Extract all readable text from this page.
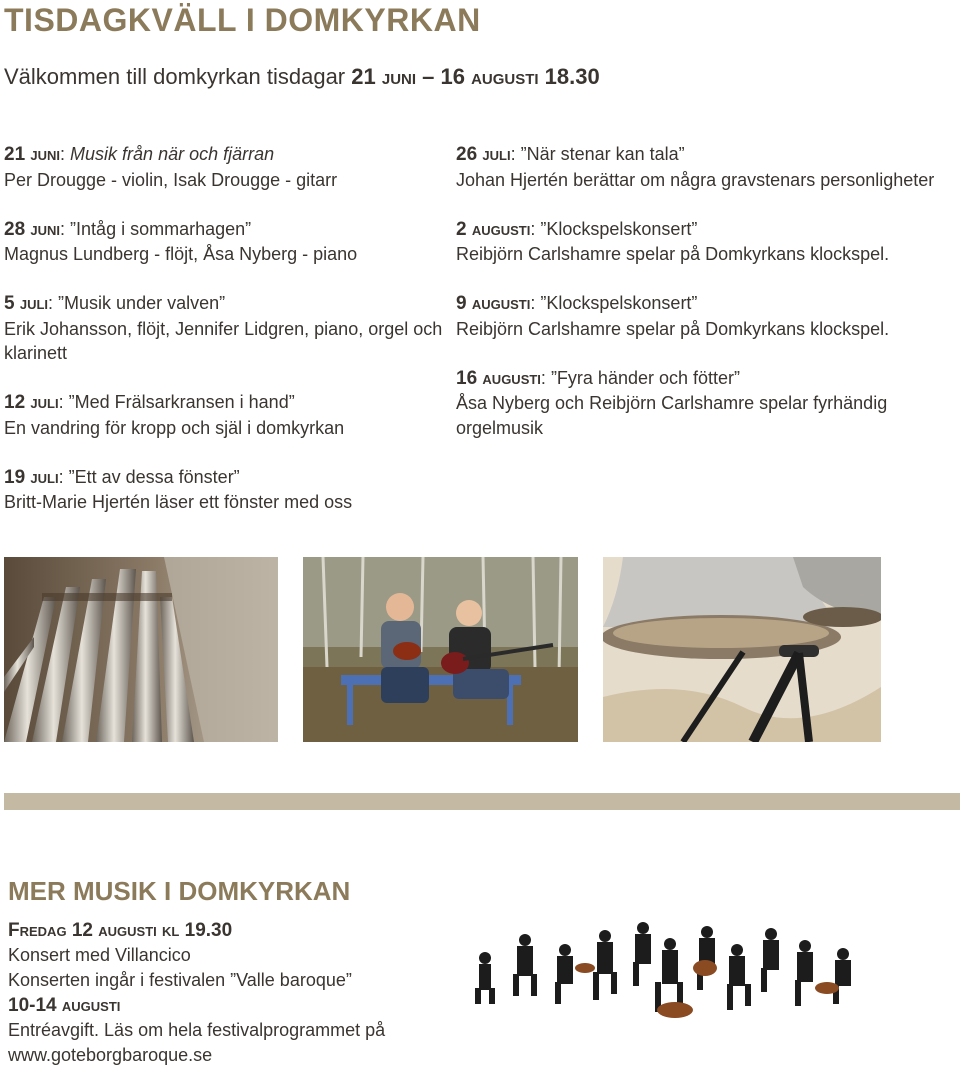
TISDAGKVÄLL I DOMKYRKAN
Välkommen till domkyrkan tisdagar 21 juni – 16 augusti 18.30
21 juni: Musik från när och fjärran
Per Drougge - violin, Isak Drougge - gitarr
28 juni: ”Intåg i sommarhagen”
Magnus Lundberg - flöjt, Åsa Nyberg - piano
5 juli: ”Musik under valven”
Erik Johansson, flöjt, Jennifer Lidgren, piano, orgel och klarinett
12 juli: ”Med Frälsarkransen i hand”
En vandring för kropp och själ i domkyrkan
19 juli: ”Ett av dessa fönster”
Britt-Marie Hjertén läser ett fönster med oss
26 juli: ”När stenar kan tala”
Johan Hjertén berättar om några gravstenars personligheter
2 augusti: ”Klockspelskonsert”
Reibjörn Carlshamre spelar på Domkyrkans klockspel.
9 augusti: ”Klockspelskonsert”
Reibjörn Carlshamre spelar på Domkyrkans klockspel.
16 augusti: ”Fyra händer och fötter”
Åsa Nyberg och Reibjörn Carlshamre spelar fyrhändig orgelmusik
MER MUSIK I DOMKYRKAN
Fredag 12 augusti kl 19.30
Konsert med Villancico
Konserten ingår i festivalen ”Valle baroque”
10-14 augusti
Entréavgift. Läs om hela festivalprogrammet på
www.goteborgbaroque.se
